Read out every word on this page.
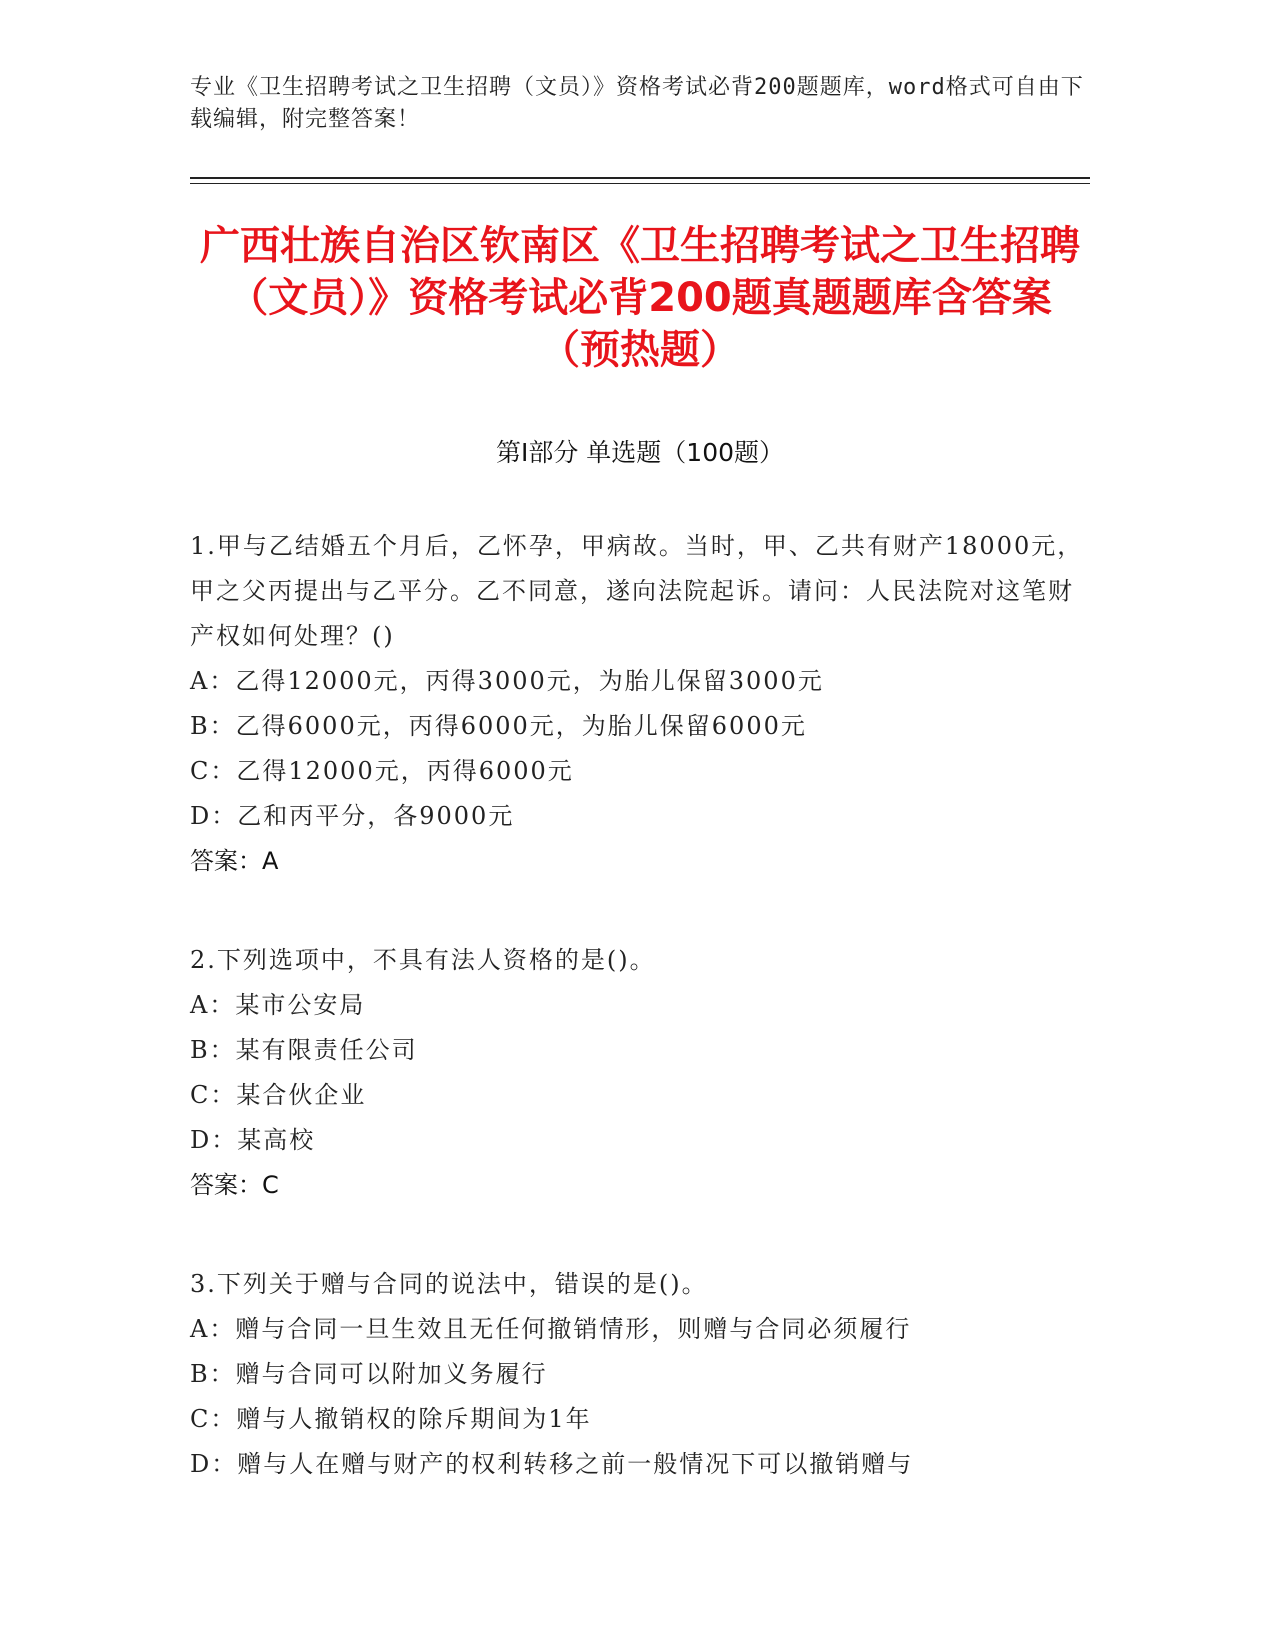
专业《卫生招聘考试之卫生招聘（文员）》资格考试必背200题题库，word格式可自由下载编辑，附完整答案！
广西壮族自治区钦南区《卫生招聘考试之卫生招聘（文员）》资格考试必背200题真题题库含答案（预热题）
第Ⅰ部分 单选题（100题）
1.甲与乙结婚五个月后，乙怀孕，甲病故。当时，甲、乙共有财产18000元，甲之父丙提出与乙平分。乙不同意，遂向法院起诉。请问：人民法院对这笔财产权如何处理？()
A：乙得12000元，丙得3000元，为胎儿保留3000元
B：乙得6000元，丙得6000元，为胎儿保留6000元
C：乙得12000元，丙得6000元
D：乙和丙平分，各9000元
答案：A
2.下列选项中，不具有法人资格的是()。
A：某市公安局
B：某有限责任公司
C：某合伙企业
D：某高校
答案：C
3.下列关于赠与合同的说法中，错误的是()。
A：赠与合同一旦生效且无任何撤销情形，则赠与合同必须履行
B：赠与合同可以附加义务履行
C：赠与人撤销权的除斥期间为1年
D：赠与人在赠与财产的权利转移之前一般情况下可以撤销赠与
